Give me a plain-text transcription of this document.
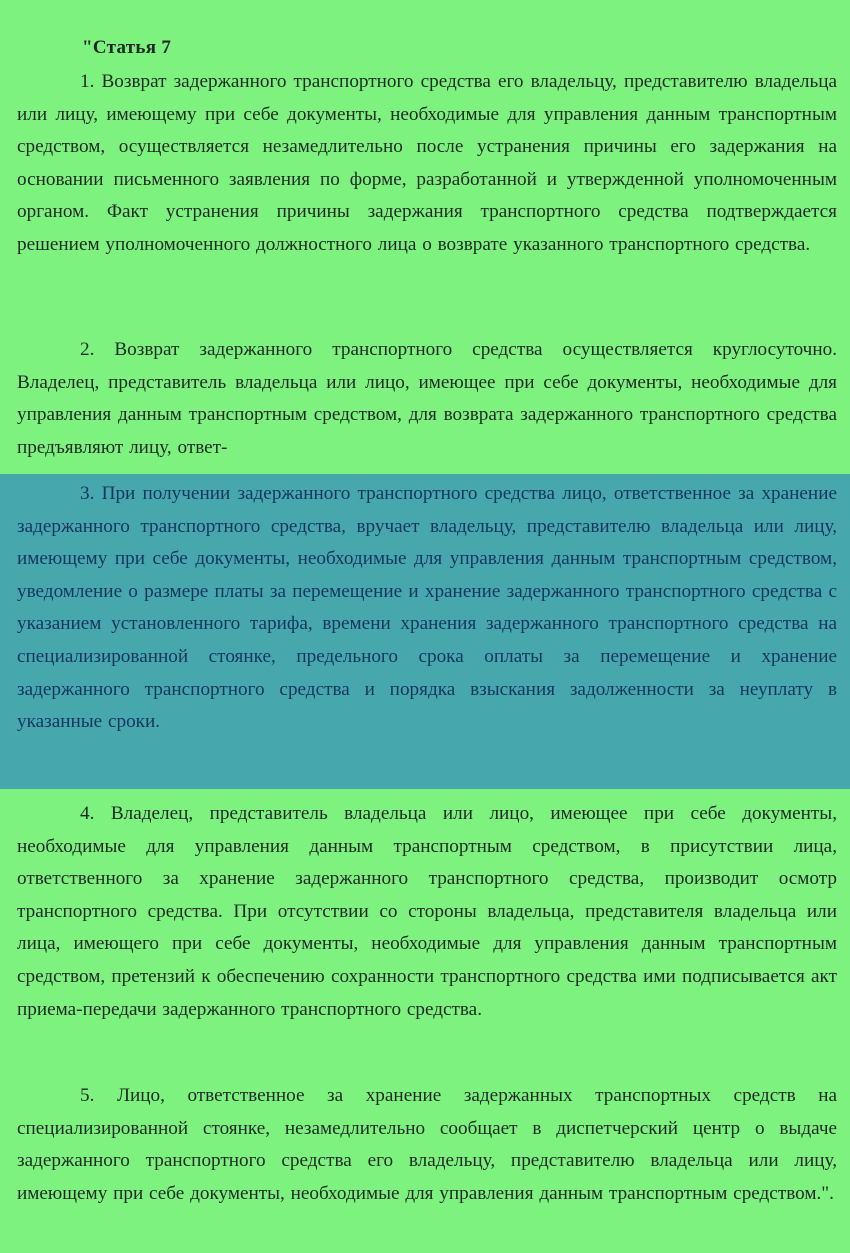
"Статья 7

1. Возврат задержанного транспортного средства его владельцу, представителю владельца или лицу, имеющему при себе документы, необходимые для управления данным транспортным средством, осуществляется незамедлительно после устранения причины его задержания на основании письменного заявления по форме, разработанной и утвержденной уполномоченным органом. Факт устранения причины задержания транспортного средства подтверждается решением уполномоченного должностного лица о возврате указанного транспортного средства.

2. Возврат задержанного транспортного средства осуществляется круглосуточно. Владелец, представитель владельца или лицо, имеющее при себе документы, необходимые для управления данным транспортным средством, для возврата задержанного транспортного средства предъявляют лицу, ответ-

3. При получении задержанного транспортного средства лицо, ответственное за хранение задержанного транспортного средства, вручает владельцу, представителю владельца или лицу, имеющему при себе документы, необходимые для управления данным транспортным средством, уведомление о размере платы за перемещение и хранение задержанного транспортного средства с указанием установленного тарифа, времени хранения задержанного транспортного средства на специализированной стоянке, предельного срока оплаты за перемещение и хранение задержанного транспортного средства и порядка взыскания задолженности за неуплату в указанные сроки.

4. Владелец, представитель владельца или лицо, имеющее при себе документы, необходимые для управления данным транспортным средством, в присутствии лица, ответственного за хранение задержанного транспортного средства, производит осмотр транспортного средства. При отсутствии со стороны владельца, представителя владельца или лица, имеющего при себе документы, необходимые для управления данным транспортным средством, претензий к обеспечению сохранности транспортного средства ими подписывается акт приема-передачи задержанного транспортного средства.

5. Лицо, ответственное за хранение задержанных транспортных средств на специализированной стоянке, незамедлительно сообщает в диспетчерский центр о выдаче задержанного транспортного средства его владельцу, представителю владельца или лицу, имеющему при себе документы, необходимые для управления данным транспортным средством.".
